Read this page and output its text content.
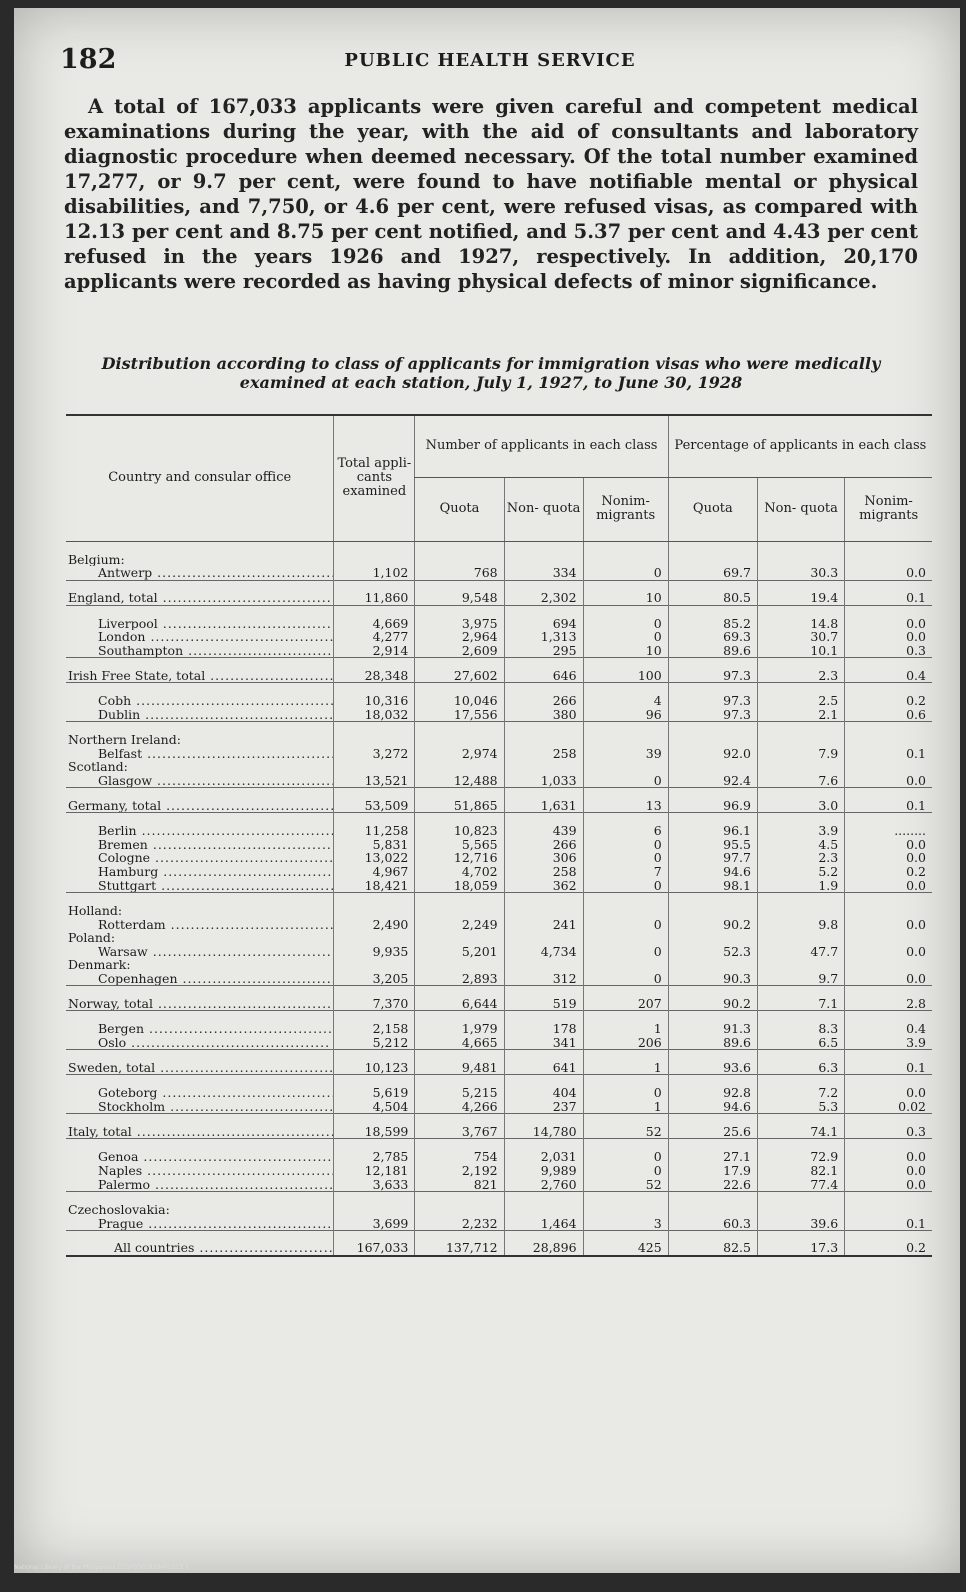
182	PUBLIC HEALTH SERVICE

A total of 167,033 applicants were given careful and competent medical examinations during the year, with the aid of consultants and laboratory diagnostic procedure when deemed necessary. Of the total number examined 17,277, or 9.7 per cent, were found to have notifiable mental or physical disabilities, and 7,750, or 4.6 per cent, were refused visas, as compared with 12.13 per cent and 8.75 per cent notified, and 5.37 per cent and 4.43 per cent refused in the years 1926 and 1927, respectively. In addition, 20,170 applicants were recorded as having physical defects of minor significance.

Distribution according to class of applicants for immigration visas who were medically examined at each station, July 1, 1927, to June 30, 1928

Country and consular office	Total appli- cants examined	Number of applicants in each class			Percentage of applicants in each class		
		Quota	Non- quota	Nonim- migrants	Quota	Non- quota	Nonim- migrants
Belgium:							
Antwerp .....	1,102	768	334	0	69.7	30.3	0.0
England, total .....	11,860	9,548	2,302	10	80.5	19.4	0.1
Liverpool .....	4,669	3,975	694	0	85.2	14.8	0.0
London .....	4,277	2,964	1,313	0	69.3	30.7	0.0
Southampton .....	2,914	2,609	295	10	89.6	10.1	0.3
Irish Free State, total .....	28,348	27,602	646	100	97.3	2.3	0.4
Cobh .....	10,316	10,046	266	4	97.3	2.5	0.2
Dublin .....	18,032	17,556	380	96	97.3	2.1	0.6
Northern Ireland:							
Belfast .....	3,272	2,974	258	39	92.0	7.9	0.1
Scotland:							
Glasgow .....	13,521	12,488	1,033	0	92.4	7.6	0.0
Germany, total .....	53,509	51,865	1,631	13	96.9	3.0	0.1
Berlin .....	11,258	10,823	439	6	96.1	3.9	........
Bremen .....	5,831	5,565	266	0	95.5	4.5	0.0
Cologne .....	13,022	12,716	306	0	97.7	2.3	0.0
Hamburg .....	4,967	4,702	258	7	94.6	5.2	0.2
Stuttgart .....	18,421	18,059	362	0	98.1	1.9	0.0
Holland:							
Rotterdam .....	2,490	2,249	241	0	90.2	9.8	0.0
Poland:							
Warsaw .....	9,935	5,201	4,734	0	52.3	47.7	0.0
Denmark:							
Copenhagen .....	3,205	2,893	312	0	90.3	9.7	0.0
Norway, total .....	7,370	6,644	519	207	90.2	7.1	2.8
Bergen .....	2,158	1,979	178	1	91.3	8.3	0.4
Oslo .....	5,212	4,665	341	206	89.6	6.5	3.9
Sweden, total .....	10,123	9,481	641	1	93.6	6.3	0.1
Goteborg .....	5,619	5,215	404	0	92.8	7.2	0.0
Stockholm .....	4,504	4,266	237	1	94.6	5.3	0.02
Italy, total .....	18,599	3,767	14,780	52	25.6	74.1	0.3
Genoa .....	2,785	754	2,031	0	27.1	72.9	0.0
Naples .....	12,181	2,192	9,989	0	17.9	82.1	0.0
Palermo .....	3,633	821	2,760	52	22.6	77.4	0.0
Czechoslovakia:							
Prague .....	3,699	2,232	1,464	3	60.3	39.6	0.1
All countries .....	167,033	137,712	28,896	425	82.5	17.3	0.2
National Library of the Philippines D15P0001820401013 1
